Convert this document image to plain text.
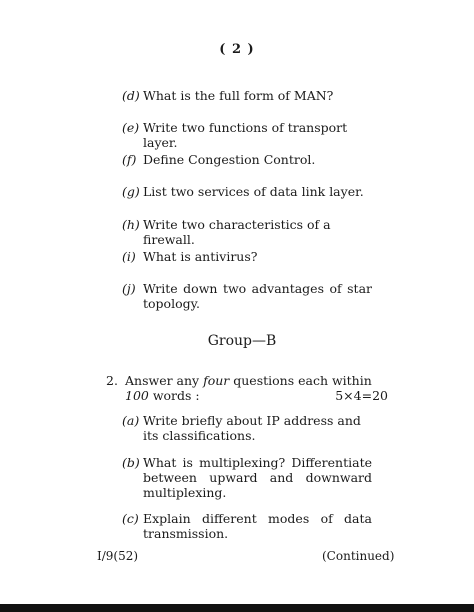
( 2 )
(d) What is the full form of MAN?
(e) Write two functions of transport layer.
(f) Define Congestion Control.
(g) List two services of data link layer.
(h) Write two characteristics of a firewall.
(i) What is antivirus?
(j) Write down two advantages of star topology.
Group—B
2. Answer any four questions each within
100 words :	5×4=20
(a) Write briefly about IP address and its classifications.
(b) What is multiplexing? Differentiate between upward and downward multiplexing.
(c) Explain different modes of data transmission.
I/9(52)	(Continued)
